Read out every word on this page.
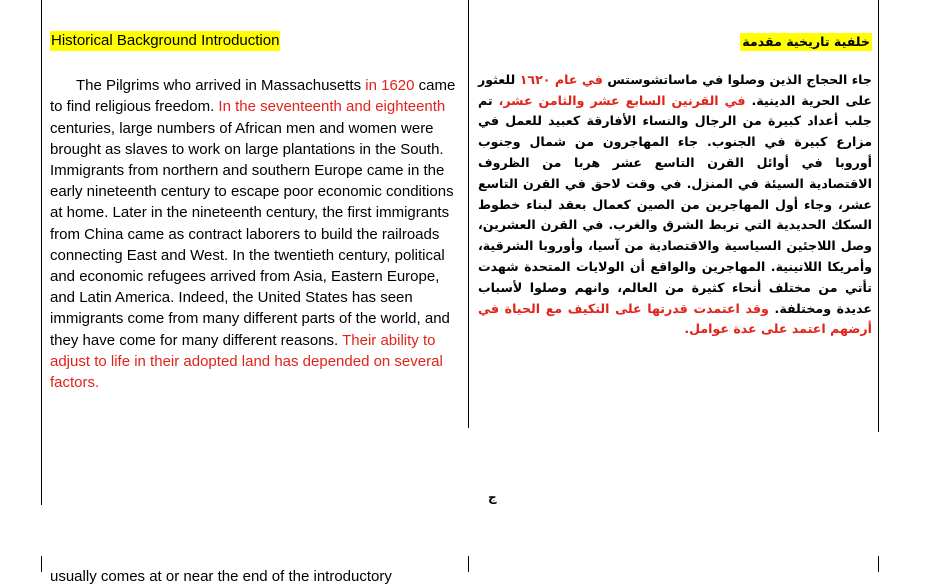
Historical Background Introduction
The Pilgrims who arrived in Massachusetts in 1620 came to find religious freedom. In the seventeenth and eighteenth centuries, large numbers of African men and women were brought as slaves to work on large plantations in the South. Immigrants from northern and southern Europe came in the early nineteenth century to escape poor economic conditions at home. Later in the nineteenth century, the first immigrants from China came as contract laborers to build the railroads connecting East and West. In the twentieth century, political and economic refugees arrived from Asia, Eastern Europe, and Latin America. Indeed, the United States has seen immigrants come from many different parts of the world, and they have come for many different reasons. Their ability to adjust to life in their adopted land has depended on several factors.
خلفية تاريخية مقدمة
جاء الحجاج الذين وصلوا في ماساتشوستس في عام ١٦٢٠ للعثور على الحرية الدينية. في القرنين السابع عشر والثامن عشر، تم جلب أعداد كبيرة من الرجال والنساء الأفارقة كعبيد للعمل في مزارع كبيرة في الجنوب. جاء المهاجرون من شمال وجنوب أوروبا في أوائل القرن التاسع عشر هربا من الظروف الاقتصادية السيئة في المنزل. في وقت لاحق في القرن التاسع عشر، وجاء أول المهاجرين من الصين كعمال بعقد لبناء خطوط السكك الحديدية التي تربط الشرق والغرب. في القرن العشرين، وصل اللاجئين السياسية والاقتصادية من آسيا، وأوروبا الشرقية، وأمريكا اللاتينية. المهاجرين والواقع أن الولايات المتحدة شهدت تأتي من مختلف أنحاء كثيرة من العالم، وانهم وصلوا لأسباب عديدة ومختلفة. وقد اعتمدت قدرتها على التكيف مع الحياة في أرضهم اعتمد على عدة عوامل.
ج
usually comes at or near the end of the introductory
